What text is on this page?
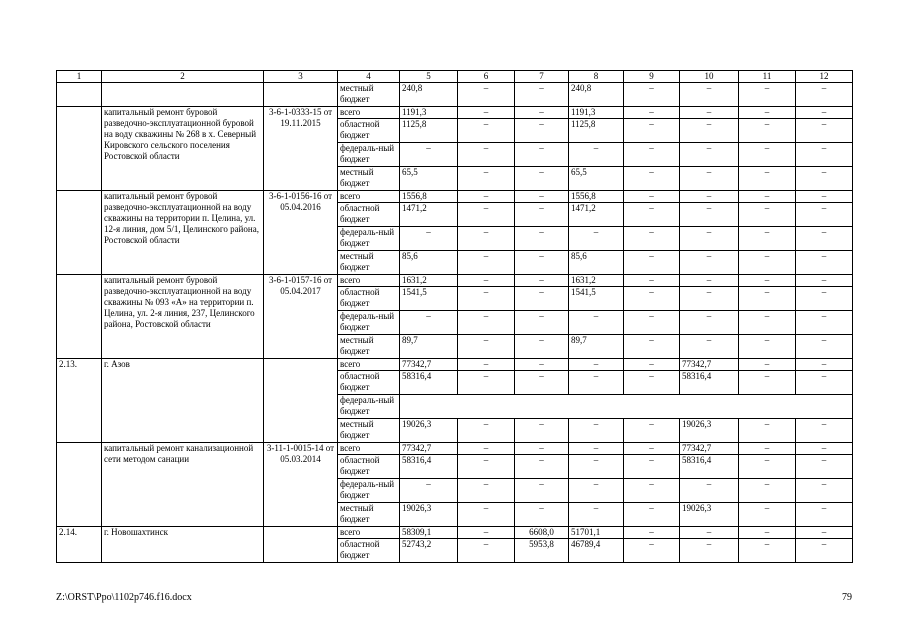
1	2	3	4	5	6	7	8	9	10	11	12
			местный бюджет	240,8	–	–	240,8	–	–	–	–
	капитальный ремонт буровой разведочно-эксплуатационной буровой на воду скважины № 268 в х. Северный Кировского сельского поселения Ростовской области	3-6-1-0333-15 от 19.11.2015	всего	1191,3	–	–	1191,3	–	–	–	–
			областной бюджет	1125,8	–	–	1125,8	–	–	–	–
			федераль-ный бюджет	–	–	–	–	–	–	–	–
			местный бюджет	65,5	–	–	65,5	–	–	–	–
	капитальный ремонт буровой разведочно-эксплуатационной на воду скважины на территории п. Целина, ул. 12-я линия, дом 5/1, Целинского района, Ростовской области	3-6-1-0156-16 от 05.04.2016	всего	1556,8	–	–	1556,8	–	–	–	–
			областной бюджет	1471,2	–	–	1471,2	–	–	–	–
			федераль-ный бюджет	–	–	–	–	–	–	–	–
			местный бюджет	85,6	–	–	85,6	–	–	–	–
	капитальный ремонт буровой разведочно-эксплуатационной на воду скважины № 093 «А» на территории п. Целина, ул. 2-я линия, 237, Целинского района, Ростовской области	3-6-1-0157-16 от 05.04.2017	всего	1631,2	–	–	1631,2	–	–	–	–
			областной бюджет	1541,5	–	–	1541,5	–	–	–	–
			федераль-ный бюджет	–	–	–	–	–	–	–	–
			местный бюджет	89,7	–	–	89,7	–	–	–	–
2.13.	г. Азов		всего	77342,7	–	–	–	–	77342,7	–	–
			областной бюджет	58316,4	–	–	–	–	58316,4	–	–
			федераль-ный бюджет								
			местный бюджет	19026,3	–	–	–	–	19026,3	–	–
	капитальный ремонт канализационной сети методом санации	3-11-1-0015-14 от 05.03.2014	всего	77342,7	–	–	–	–	77342,7	–	–
			областной бюджет	58316,4	–	–	–	–	58316,4	–	–
			федераль-ный бюджет	–	–	–	–	–	–	–	–
			местный бюджет	19026,3	–	–	–	–	19026,3	–	–
2.14.	г. Новошахтинск		всего	58309,1	–	6608,0	51701,1	–	–	–	–
			областной бюджет	52743,2	–	5953,8	46789,4	–	–	–	–
Z:\ORST\Ppo\1102p746.f16.docx	79
